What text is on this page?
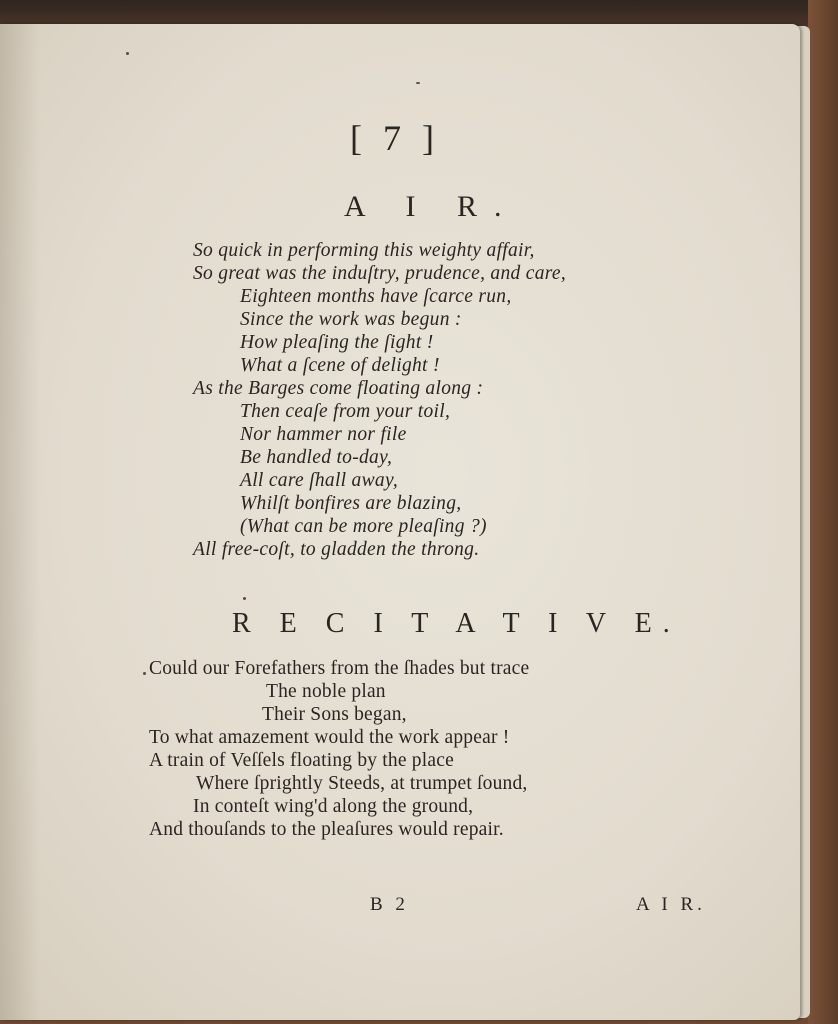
[ 7 ]
A I R.
So quick in performing this weighty affair,
So great was the induſtry, prudence, and care,
Eighteen months have ſcarce run,
Since the work was begun :
How pleaſing the ſight !
What a ſcene of delight !
As the Barges come floating along :
Then ceaſe from your toil,
Nor hammer nor file
Be handled to-day,
All care ſhall away,
Whilſt bonfires are blazing,
(What can be more pleaſing ?)
All free-coſt, to gladden the throng.
R E C I T A T I V E.
Could our Forefathers from the ſhades but trace
The noble plan
Their Sons began,
To what amazement would the work appear !
A train of Veſſels floating by the place
Where ſprightly Steeds, at trumpet ſound,
In conteſt wing'd along the ground,
And thouſands to the pleaſures would repair.
B 2	A I R.
